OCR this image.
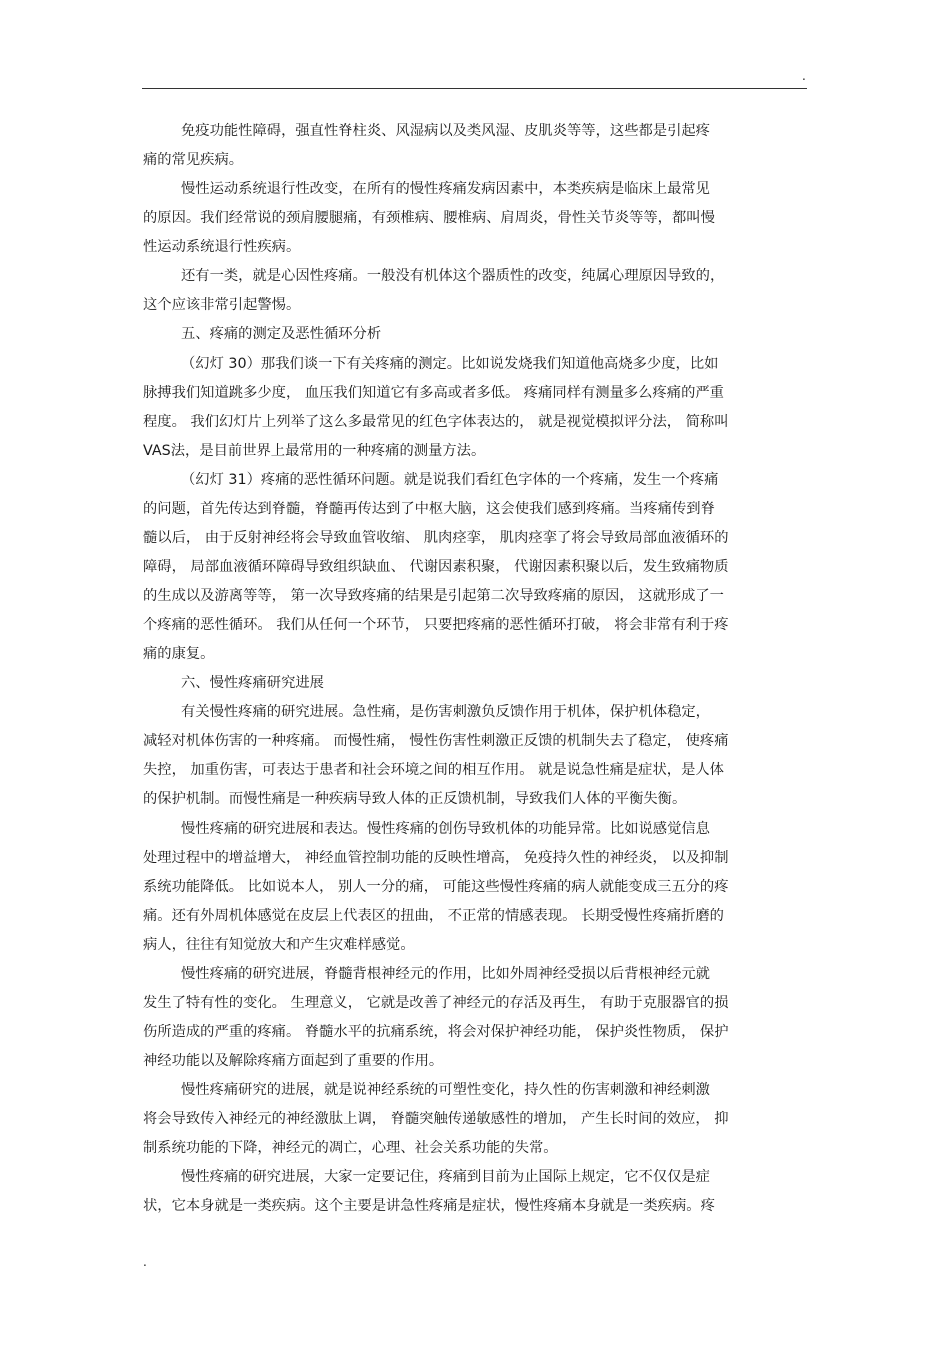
.
免疫功能性障碍，强直性脊柱炎、风湿病以及类风湿、皮肌炎等等，这些都是引起疼
痛的常见疾病。
慢性运动系统退行性改变，在所有的慢性疼痛发病因素中，本类疾病是临床上最常见
的原因。我们经常说的颈肩腰腿痛，有颈椎病、腰椎病、肩周炎，骨性关节炎等等，都叫慢
性运动系统退行性疾病。
还有一类，就是心因性疼痛。一般没有机体这个器质性的改变，纯属心理原因导致的，
这个应该非常引起警惕。
五、疼痛的测定及恶性循环分析
（幻灯 30）那我们谈一下有关疼痛的测定。比如说发烧我们知道他高烧多少度，比如
脉搏我们知道跳多少度， 血压我们知道它有多高或者多低。 疼痛同样有测量多么疼痛的严重
程度。 我们幻灯片上列举了这么多最常见的红色字体表达的， 就是视觉模拟评分法， 简称叫
VAS法，是目前世界上最常用的一种疼痛的测量方法。
（幻灯 31）疼痛的恶性循环问题。就是说我们看红色字体的一个疼痛，发生一个疼痛
的问题，首先传达到脊髓，脊髓再传达到了中枢大脑，这会使我们感到疼痛。当疼痛传到脊
髓以后， 由于反射神经将会导致血管收缩、 肌肉痉挛， 肌肉痉挛了将会导致局部血液循环的
障碍， 局部血液循环障碍导致组织缺血、 代谢因素积聚， 代谢因素积聚以后，发生致痛物质
的生成以及游离等等， 第一次导致疼痛的结果是引起第二次导致疼痛的原因， 这就形成了一
个疼痛的恶性循环。 我们从任何一个环节， 只要把疼痛的恶性循环打破， 将会非常有利于疼
痛的康复。
六、慢性疼痛研究进展
有关慢性疼痛的研究进展。急性痛，是伤害刺激负反馈作用于机体，保护机体稳定，
减轻对机体伤害的一种疼痛。 而慢性痛， 慢性伤害性刺激正反馈的机制失去了稳定， 使疼痛
失控， 加重伤害，可表达于患者和社会环境之间的相互作用。 就是说急性痛是症状，是人体
的保护机制。而慢性痛是一种疾病导致人体的正反馈机制，导致我们人体的平衡失衡。
慢性疼痛的研究进展和表达。慢性疼痛的创伤导致机体的功能异常。比如说感觉信息
处理过程中的增益增大， 神经血管控制功能的反映性增高， 免疫持久性的神经炎， 以及抑制
系统功能降低。 比如说本人， 别人一分的痛， 可能这些慢性疼痛的病人就能变成三五分的疼
痛。还有外周机体感觉在皮层上代表区的扭曲， 不正常的情感表现。 长期受慢性疼痛折磨的
病人，往往有知觉放大和产生灾难样感觉。
慢性疼痛的研究进展，脊髓背根神经元的作用，比如外周神经受损以后背根神经元就
发生了特有性的变化。 生理意义， 它就是改善了神经元的存活及再生， 有助于克服器官的损
伤所造成的严重的疼痛。 脊髓水平的抗痛系统，将会对保护神经功能， 保护炎性物质， 保护
神经功能以及解除疼痛方面起到了重要的作用。
慢性疼痛研究的进展，就是说神经系统的可塑性变化，持久性的伤害刺激和神经刺激
将会导致传入神经元的神经激肽上调， 脊髓突触传递敏感性的增加， 产生长时间的效应， 抑
制系统功能的下降，神经元的凋亡，心理、社会关系功能的失常。
慢性疼痛的研究进展，大家一定要记住，疼痛到目前为止国际上规定，它不仅仅是症
状，它本身就是一类疾病。这个主要是讲急性疼痛是症状，慢性疼痛本身就是一类疾病。疼
.
